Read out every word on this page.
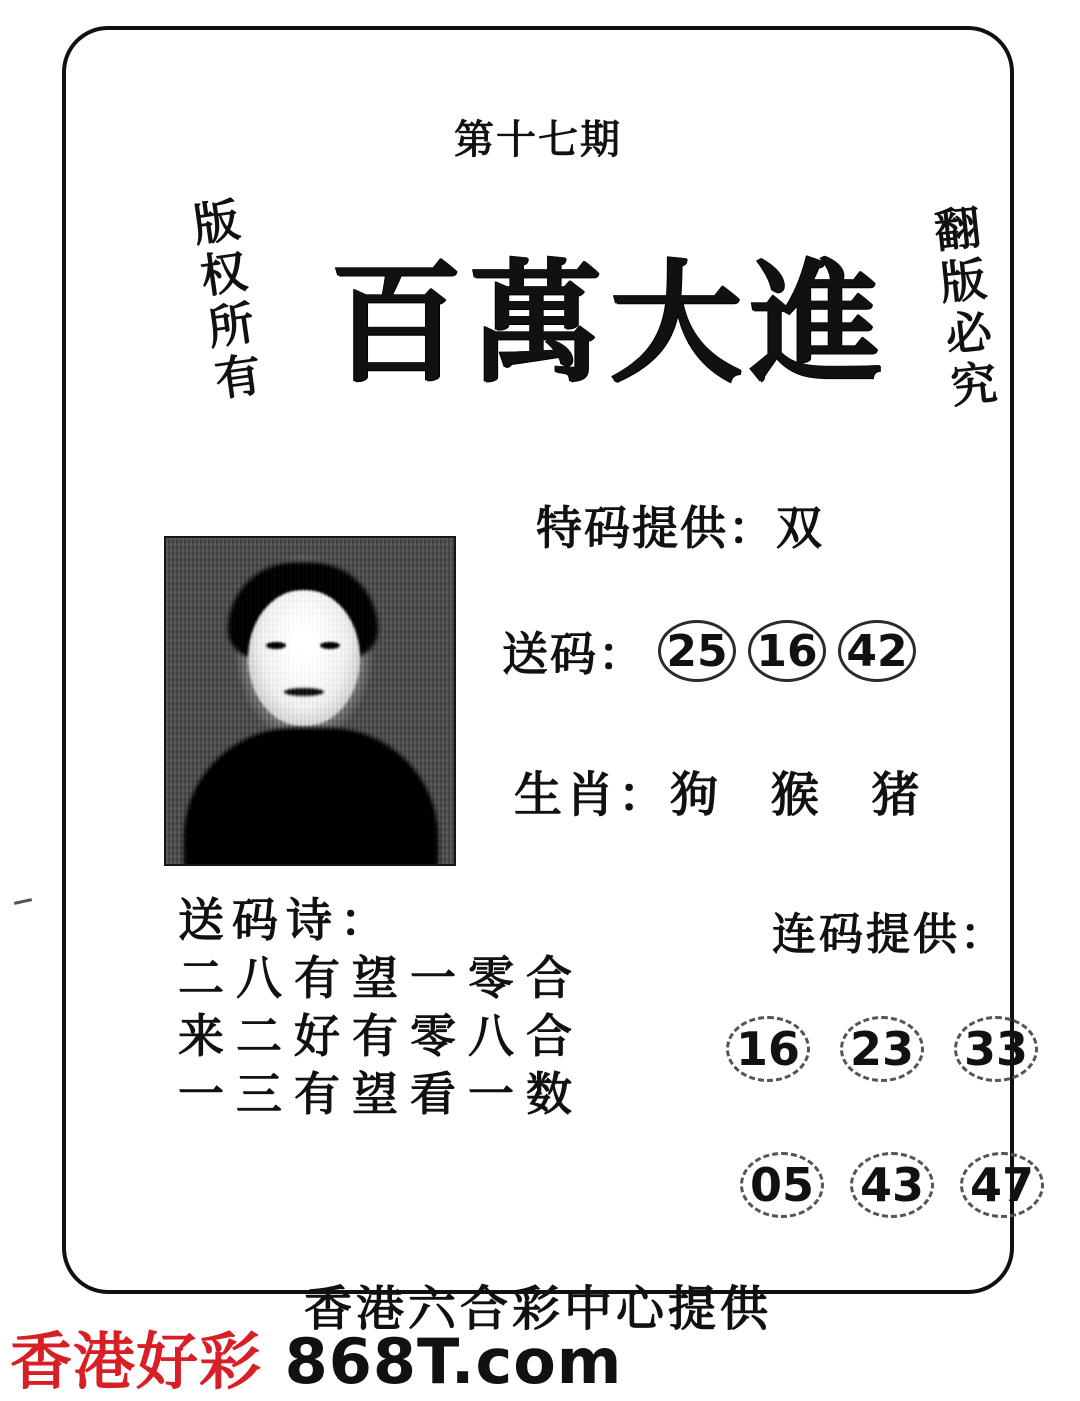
第十七期
版权所有	翻版必究
百萬大進
特码提供：双
送码： 25 16 42
生肖：狗 猴 猪
送码诗：
二八有望一零合
来二好有零八合
一三有望看一数
连码提供：
16 23 33
05 43 47
香港六合彩中心提供
香港好彩 868T.com
